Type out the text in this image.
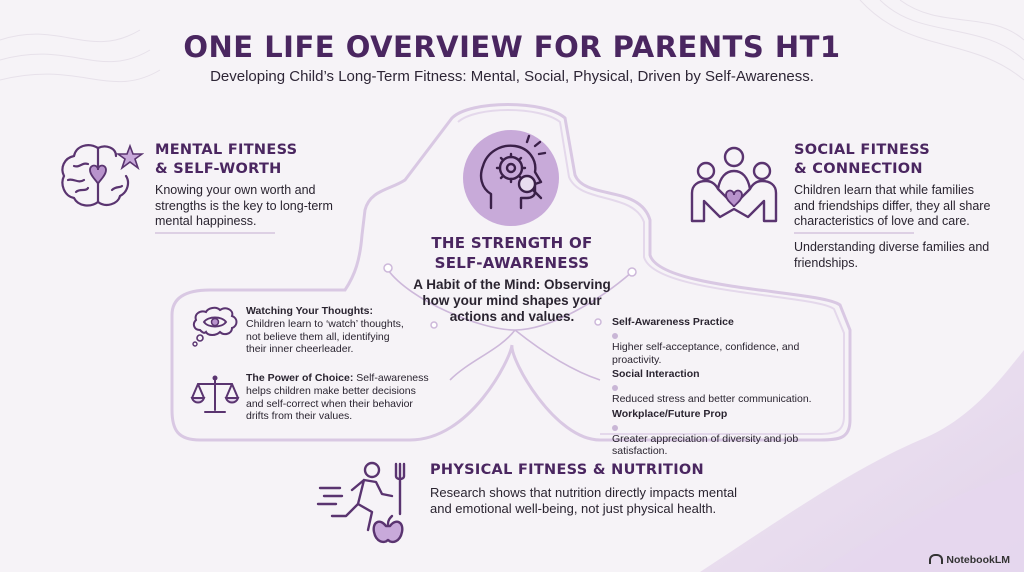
ONE LIFE OVERVIEW FOR PARENTS HT1
Developing Child’s Long-Term Fitness: Mental, Social, Physical, Driven by Self-Awareness.
MENTAL FITNESS
& SELF-WORTH
Knowing your own worth and
strengths is the key to long-term
mental happiness.
SOCIAL FITNESS
& CONNECTION
Children learn that while families
and friendships differ, they all share
characteristics of love and care.
Understanding diverse families and
friendships.
THE STRENGTH OF
SELF-AWARENESS
A Habit of the Mind: Observing
how your mind shapes your
actions and values.
Watching Your Thoughts:
Children learn to ‘watch’ thoughts,
not believe them all, identifying
their inner cheerleader.
The Power of Choice: Self-awareness
helps children make better decisions
and self-correct when their behavior
drifts from their values.
Self-Awareness Practice
Higher self-acceptance, confidence, and proactivity.
Social Interaction
Reduced stress and better communication.
Workplace/Future Prop
Greater appreciation of diversity and job satisfaction.
PHYSICAL FITNESS & NUTRITION
Research shows that nutrition directly impacts mental
and emotional well-being, not just physical health.
NotebookLM
